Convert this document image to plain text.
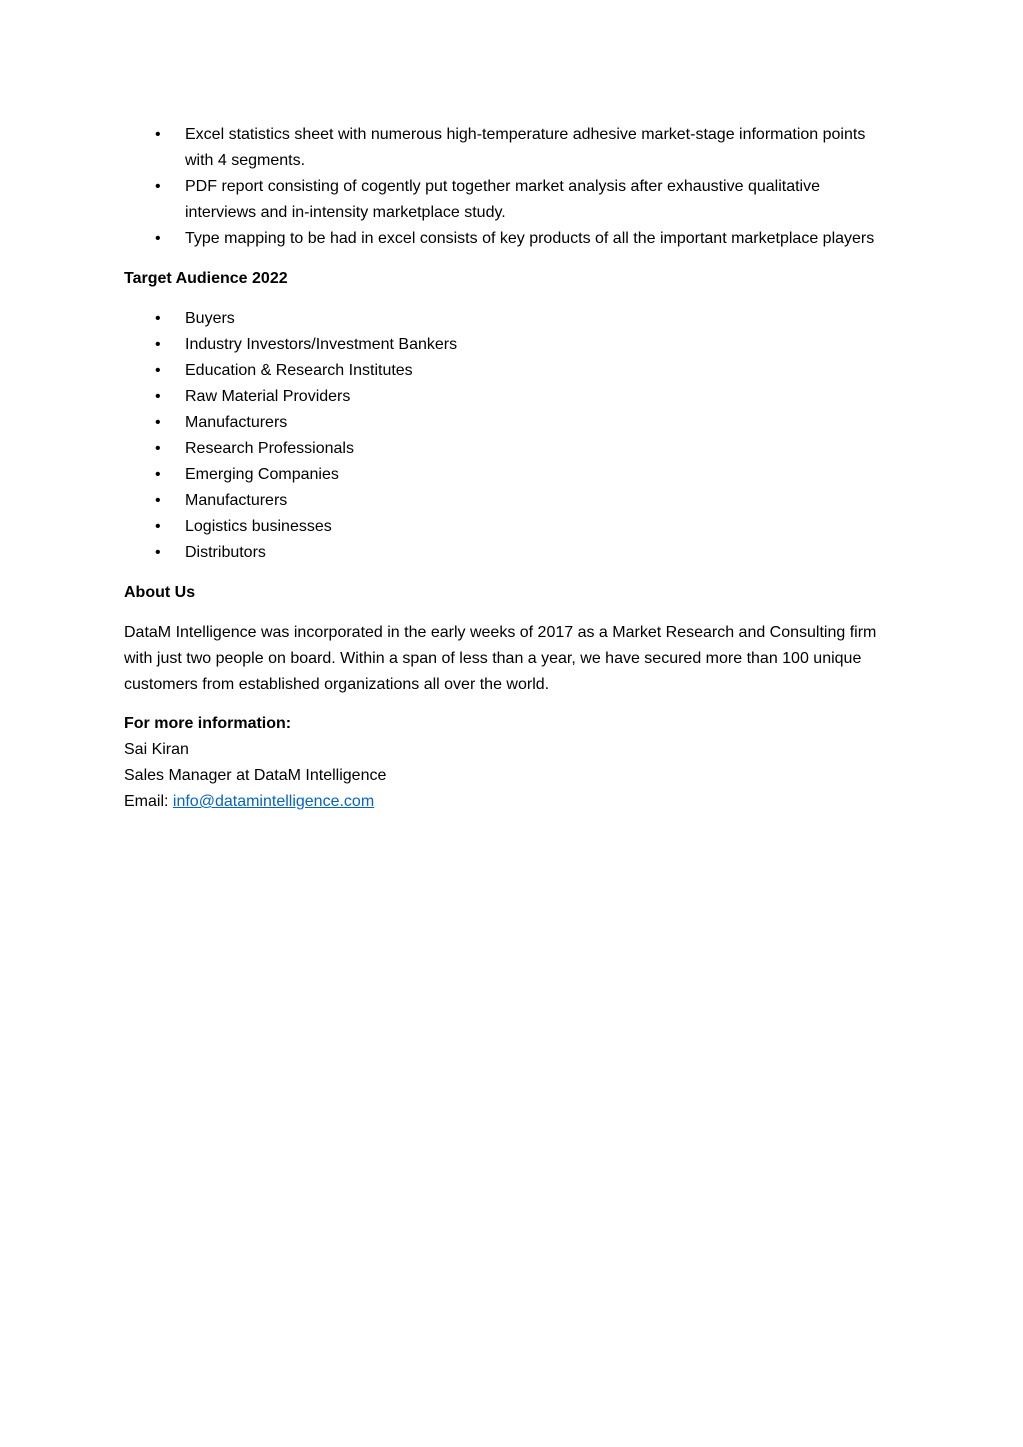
• Excel statistics sheet with numerous high-temperature adhesive market-stage information points with 4 segments.
• PDF report consisting of cogently put together market analysis after exhaustive qualitative interviews and in-intensity marketplace study.
• Type mapping to be had in excel consists of key products of all the important marketplace players
Target Audience 2022
• Buyers
• Industry Investors/Investment Bankers
• Education & Research Institutes
• Raw Material Providers
• Manufacturers
• Research Professionals
• Emerging Companies
• Manufacturers
• Logistics businesses
• Distributors
About Us

DataM Intelligence was incorporated in the early weeks of 2017 as a Market Research and Consulting firm with just two people on board. Within a span of less than a year, we have secured more than 100 unique customers from established organizations all over the world.

For more information:

Sai Kiran

Sales Manager at DataM Intelligence

Email: info@datamintelligence.com
